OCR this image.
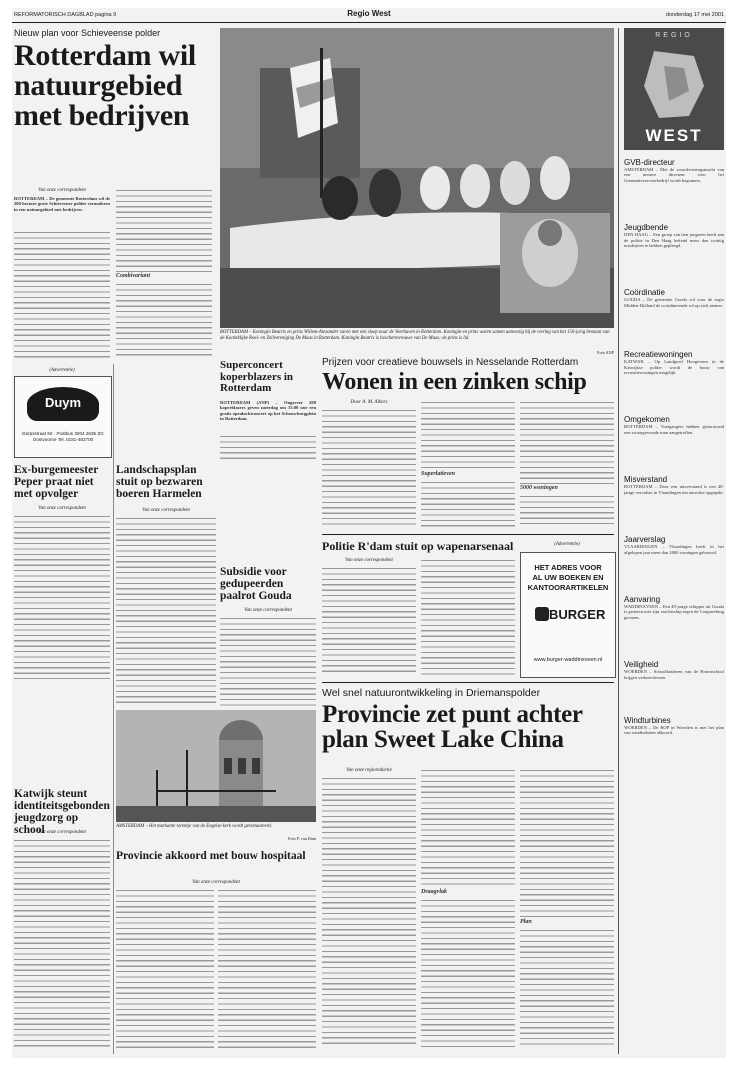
REFORMATORISCH DAGBLAD pagina 9	Regio West	donderdag 17 mei 2001
Nieuw plan voor Schieveense polder
Rotterdam wil natuurgebied met bedrijven
Van onze correspondent
ROTTERDAM – De gemeente Rotterdam wil de 200 hectare grote Schieveense polder veranderen in een natuurgebied met bedrijven.
Combivariant
ROTTERDAM – Koningin Beatrix en prins Willem-Alexander varen met een sloep naar de Veerhaven in Rotterdam. Koningin en prins waren samen aanwezig bij de viering van het 150-jarig bestaan van de Koninklijke Roei- en Zeilvereniging De Maas in Rotterdam. Koningin Beatrix is beschermvrouwe van De Maas; de prins is lid.
Foto ANP
(Advertentie)
Duym
Dorpsstraat 92 · Postbus 3004 2635 ZG Oostvoorne Tel. 0181-482700
Ex-burgemeester Peper praat niet met opvolger
Van onze correspondent
Katwijk steunt identiteitsgebonden jeugdzorg op school
Van onze correspondent
Superconcert koperblazers in Rotterdam
ROTTERDAM (ANP) – Ongeveer 200 koperblazers geven zaterdag om 15.00 uur een gratis openluchtconcert op het Schouwburgplein in Rotterdam.
Landschapsplan stuit op bezwaren boeren Harmelen
Van onze correspondent
Subsidie voor gedupeerden paalrot Gouda
Van onze correspondent
AMSTERDAM – Het markante torentje van de Engelse kerk wordt gerestaureerd.
Foto P. van Dam
Provincie akkoord met bouw hospitaal
Van onze correspondent
Prijzen voor creatieve bouwsels in Nesselande Rotterdam
Wonen in een zinken schip
Door A. M. Albers
Superlatieven
5000 woningen
Politie R'dam stuit op wapenarsenaal
Van onze correspondent
(Advertentie)
HET ADRES VOOR
AL UW BOEKEN EN
KANTOORARTIKELEN
BURGER
www.burger-waddinxveen.nl
Wel snel natuurontwikkeling in Driemanspolder
Provincie zet punt achter plan Sweet Lake China
Van onze regioredactie
Draagvlak
Plan
REGIO
WEST
GVB-directeur
AMSTERDAM – Met de woordvoeringsmacht van een nieuwe directeur voor het Gemeentevervoerbedrijf wordt begonnen.
Jeugdbende
DEN HAAG – Een groep van tien jongeren heeft aan de politie in Den Haag bekend meer dan twintig misdrijven te hebben gepleegd.
Coördinatie
GOUDA – De gemeente Gouda wil voor de regio Midden-Holland de coördinerende rol op zich nemen.
Recreatiewoningen
KATWIJK – Op Landgoed Hoogeveen in de Katwijkse polder wordt de bouw van recreatiewoningen mogelijk.
Omgekomen
ROTTERDAM – Voetgangers hebben gisteravond een zwaargewonde man aangetroffen.
Misverstand
ROTTERDAM – Door een misverstand is een 40-jarige vervalser in Vlaardingen ten onrechte opgepakt.
Jaarverslag
VLAARDINGEN – Vlaardingen heeft in het afgelopen jaar meer dan 2000 woningen gebouwd.
Aanvaring
WADDINXVEEN – Een 49-jarige schipper uit Gouda is gisteren met zijn vrachtschip tegen de Coupurebrug gevaren.
Veiligheid
WOERDEN – Schoolkinderen van de Hoornschool krijgen verkeerslessen.
Windturbines
WOERDEN – De ROP in Woerden is met het plan van windturbines akkoord.
